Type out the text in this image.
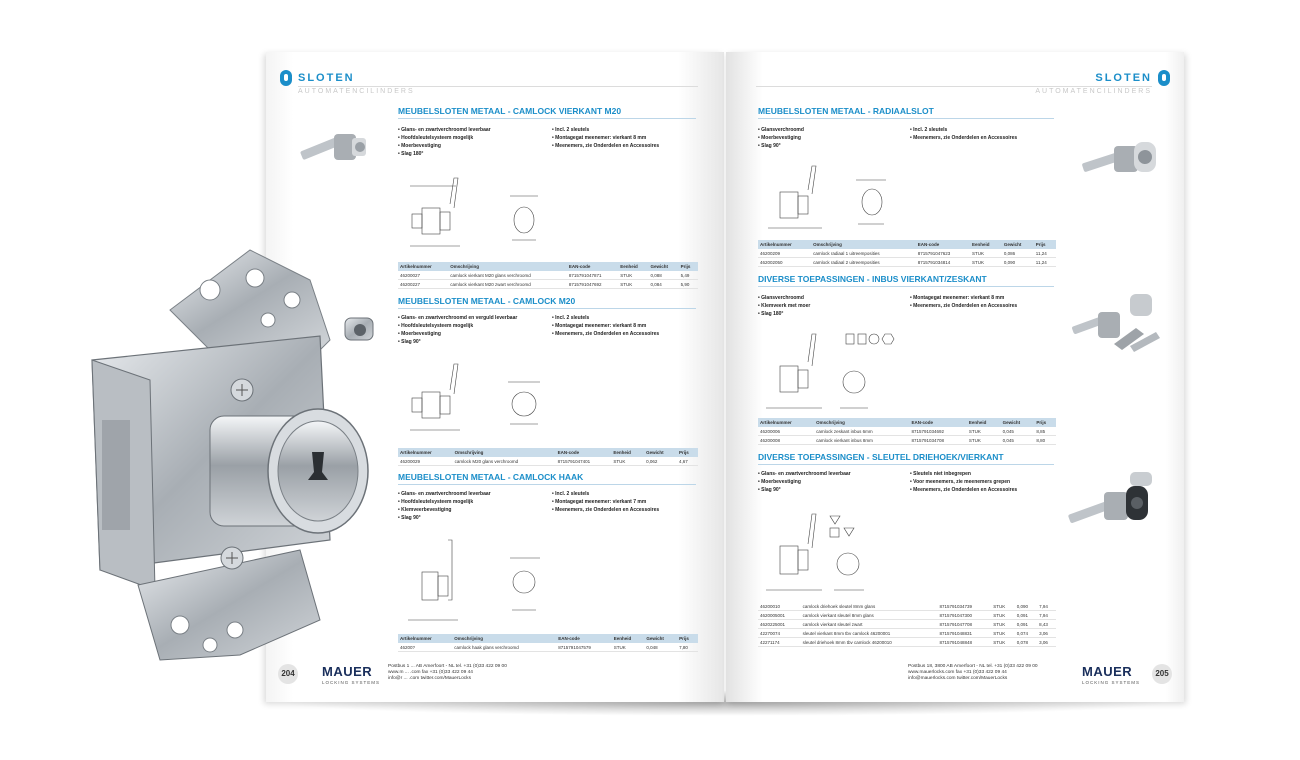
SLOTEN
AUTOMATENCILINDERS
MEUBELSLOTEN METAAL - CAMLOCK VIERKANT M20
• Glans- en zwartverchroomd leverbaar
• Hoofdsleutelsysteem mogelijk
• Moerbevestiging
• Slag 180°
• Incl. 2 sleutels
• Montagegat meenemer: vierkant 8 mm
• Meenemers, zie Onderdelen en Accessoires
Artikelnummer	Omschrijving	EAN-code	Eenheid	Gewicht	Prijs
46200027	camlock vierkant M20 glans verchroomd	8715791047871	STUK	0,088	5,49
46200227	camlock vierkant M20 zwart verchroomd	8715791047692	STUK	0,084	5,90
MEUBELSLOTEN METAAL - CAMLOCK M20
• Glans- en zwartverchroomd en verguld leverbaar
• Hoofdsleutelsysteem mogelijk
• Moerbevestiging
• Slag 90°
• Incl. 2 sleutels
• Montagegat meenemer: vierkant 8 mm
• Meenemers, zie Onderdelen en Accessoires
Artikelnummer	Omschrijving	EAN-code	Eenheid	Gewicht	Prijs
46200029	camlock M20 glans verchroomd	8715791047401	STUK	0,062	4,67
MEUBELSLOTEN METAAL - CAMLOCK HAAK
• Glans- en zwartverchroomd leverbaar
• Hoofdsleutelsysteem mogelijk
• Klemveerbevestiging
• Slag 90°
• Incl. 2 sleutels
• Montagegat meenemer: vierkant 7 mm
• Meenemers, zie Onderdelen en Accessoires
Artikelnummer	Omschrijving	EAN-code	Eenheid	Gewicht	Prijs
46200?	camlock haak glans verchroomd	8715791047579	STUK	0,048	7,80
204 MAUER
LOCKING SYSTEMS
Postbus 1 ... AB Amerfoort - NL tel. +31 (0)33 422 09 00
www.m ... .com fax +31 (0)33 422 09 44
info@r ... .com twitter.com/MauerLocks
SLOTEN
AUTOMATENCILINDERS
MEUBELSLOTEN METAAL - RADIAALSLOT
• Glansverchroomd
• Moerbevestiging
• Slag 90°
• Incl. 2 sleutels
• Meenemers, zie Onderdelen en Accessoires
Artikelnummer	Omschrijving	EAN-code	Eenheid	Gewicht	Prijs
46200209	camlock radiaal 1 uitreemposities	8715791047623	STUK	0,086	11,24
462002050	camlock radiaal 2 uitreemposities	8715791034814	STUK	0,090	11,24
DIVERSE TOEPASSINGEN - INBUS VIERKANT/ZESKANT
• Glansverchroomd
• Klemveerk met moer
• Slag 180°
• Montagegat meenemer: vierkant 8 mm
• Meenemers, zie Onderdelen en Accessoires
Artikelnummer	Omschrijving	EAN-code	Eenheid	Gewicht	Prijs
46200006	camlock zeskant inbus 6mm	8715791034692	STUK	0,045	8,85
46200008	camlock vierkant inbus 8mm	8715791034708	STUK	0,045	8,80
DIVERSE TOEPASSINGEN - SLEUTEL DRIEHOEK/VIERKANT
• Glans- en zwartverchroomd leverbaar
• Moerbevestiging
• Slag 90°
• Sleutels niet inbegrepen
• Voor meenemers, zie meenemers grepen
• Meenemers, zie Onderdelen en Accessoires
46200010	camlock driehoek sleutel 8mm glans	8715791034739	STUK	0,090	7,94
4620005001	camlock vierkant sleutel 8mm glans	8715791047300	STUK	0,091	7,94
4620225001	camlock vierkant sleutel zwart	8715791047708	STUK	0,091	8,43
42270074	sleutel vierkant 8mm tbv camlock 46200001	8715791048831	STUK	0,074	3,06
42271174	sleutel driehoek 8mm tbv camlock 46200010	8715791048848	STUK	0,078	3,06
Postbus 18, 3800 AB Amerfoort - NL tel. +31 (0)33 422 09 00
www.mauerlocks.com fax +31 (0)33 422 09 44
info@mauerlocks.com twitter.com/MauerLocks	MAUER
LOCKING SYSTEMS
205
